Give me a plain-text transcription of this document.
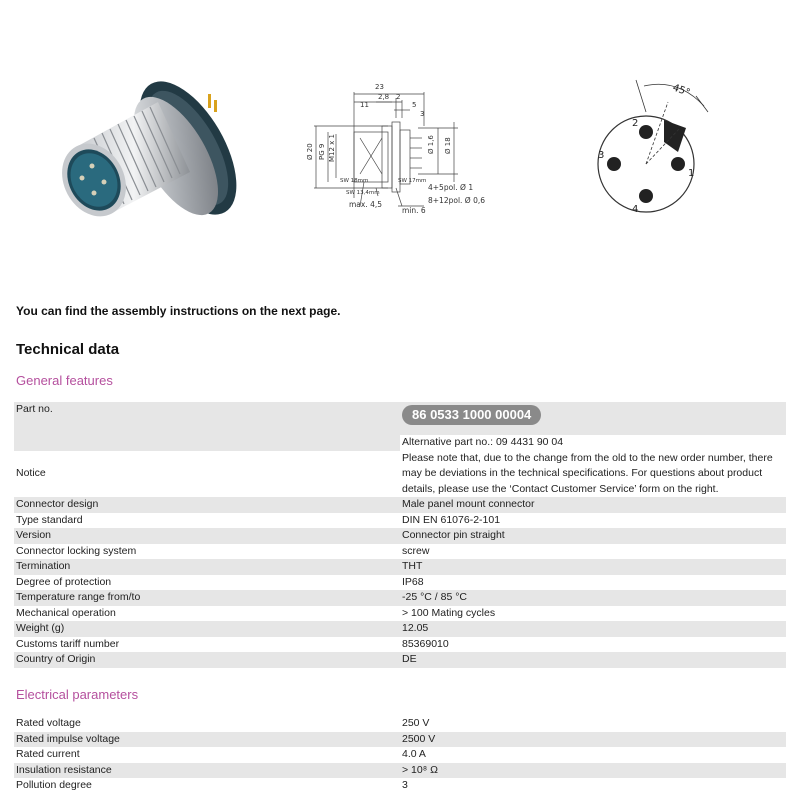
23
2,8 2
11	5
3
Ø 20 PG 9 M12 x 1	Ø 1,6 Ø 18
SW 18mm
SW 13,4mm
SW 17mm
max. 4,5
min. 6
4+5pol. Ø 1
8+12pol. Ø 0,6
45°
2
3
1
4
You can find the assembly instructions on the next page.
Technical data
General features
Part no.	86 0533 1000 00004
	Alternative part no.: 09 4431 90 04
Notice	Please note that, due to the change from the old to the new order number, there may be deviations in the technical specifications. For questions about product details, please use the ‘Contact Customer Service’ form on the right.
Connector design	Male panel mount connector
Type standard	DIN EN 61076-2-101
Version	Connector pin straight
Connector locking system	screw
Termination	THT
Degree of protection	IP68
Temperature range from/to	-25 °C / 85 °C
Mechanical operation	> 100 Mating cycles
Weight (g)	12.05
Customs tariff number	85369010
Country of Origin	DE
Electrical parameters
Rated voltage	250 V
Rated impulse voltage	2500 V
Rated current	4.0 A
Insulation resistance	> 10⁸ Ω
Pollution degree	3
